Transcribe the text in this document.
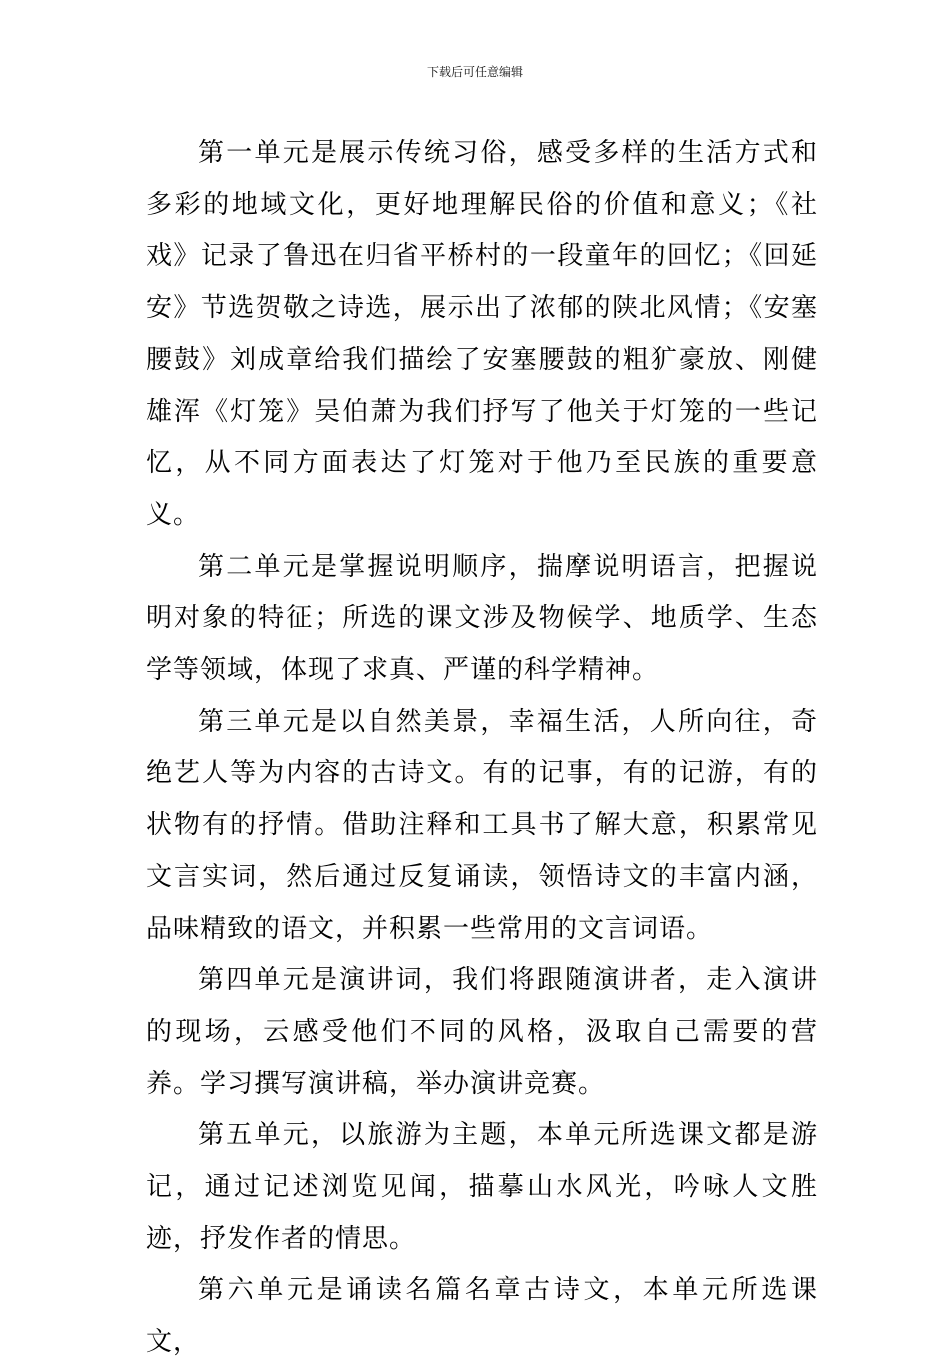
下载后可任意编辑

第一单元是展示传统习俗，感受多样的生活方式和多彩的地域文化，更好地理解民俗的价值和意义；《社戏》记录了鲁迅在归省平桥村的一段童年的回忆；《回延安》节选贺敬之诗选，展示出了浓郁的陕北风情；《安塞腰鼓》刘成章给我们描绘了安塞腰鼓的粗犷豪放、刚健雄浑《灯笼》吴伯萧为我们抒写了他关于灯笼的一些记忆，从不同方面表达了灯笼对于他乃至民族的重要意义。

第二单元是掌握说明顺序，揣摩说明语言，把握说明对象的特征；所选的课文涉及物候学、地质学、生态学等领域，体现了求真、严谨的科学精神。

第三单元是以自然美景，幸福生活，人所向往，奇绝艺人等为内容的古诗文。有的记事，有的记游，有的状物有的抒情。借助注释和工具书了解大意，积累常见文言实词，然后通过反复诵读，领悟诗文的丰富内涵，品味精致的语文，并积累一些常用的文言词语。

第四单元是演讲词，我们将跟随演讲者，走入演讲的现场，云感受他们不同的风格，汲取自己需要的营养。学习撰写演讲稿，举办演讲竞赛。

第五单元，以旅游为主题，本单元所选课文都是游记，通过记述浏览见闻，描摹山水风光，吟咏人文胜迹，抒发作者的情思。

第六单元是诵读名篇名章古诗文，本单元所选课文，
